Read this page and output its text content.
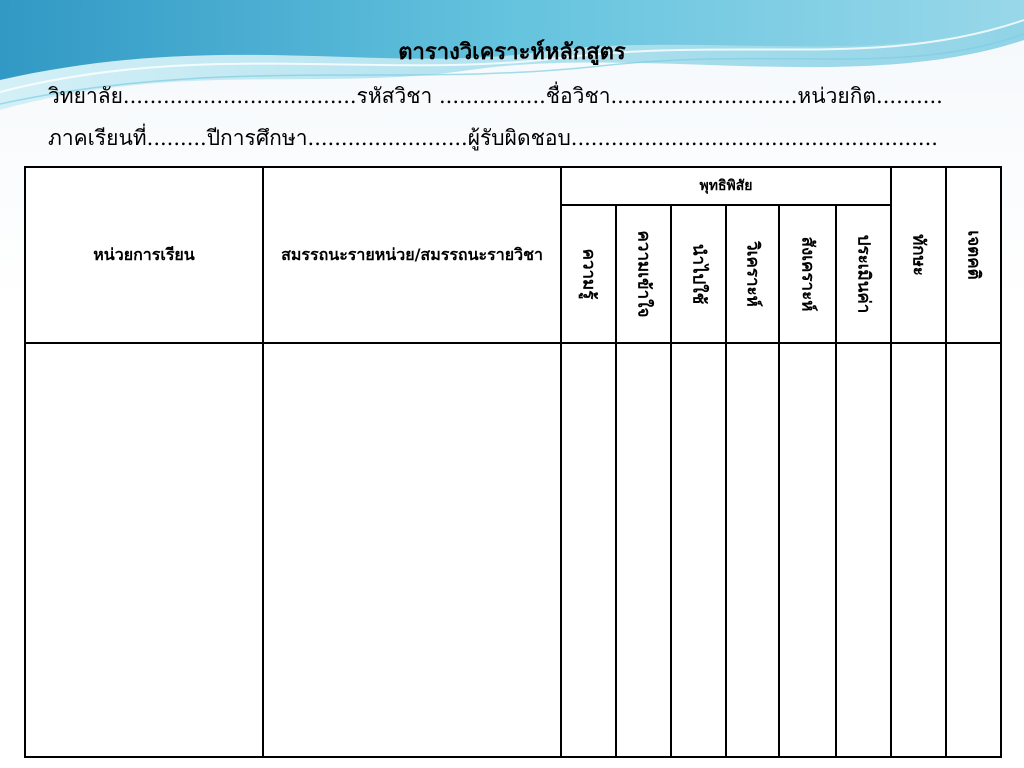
ตารางวิเคราะห์หลักสูตร
วิทยาลัย...................................รหัสวิชา ................ชื่อวิชา............................หน่วยกิต..........
ภาคเรียนที่.........ปีการศึกษา........................ผู้รับผิดชอบ.......................................................
หน่วยการเรียน	สมรรถนะรายหน่วย/สมรรถนะรายวิชา	พุทธิพิสัย						ทักษะ	เจตคติ

		ความรู้	ความเข้าใจ	นำไปใช้	วิเคราะห์	สังเคราะห์	ประเมินค่า		
